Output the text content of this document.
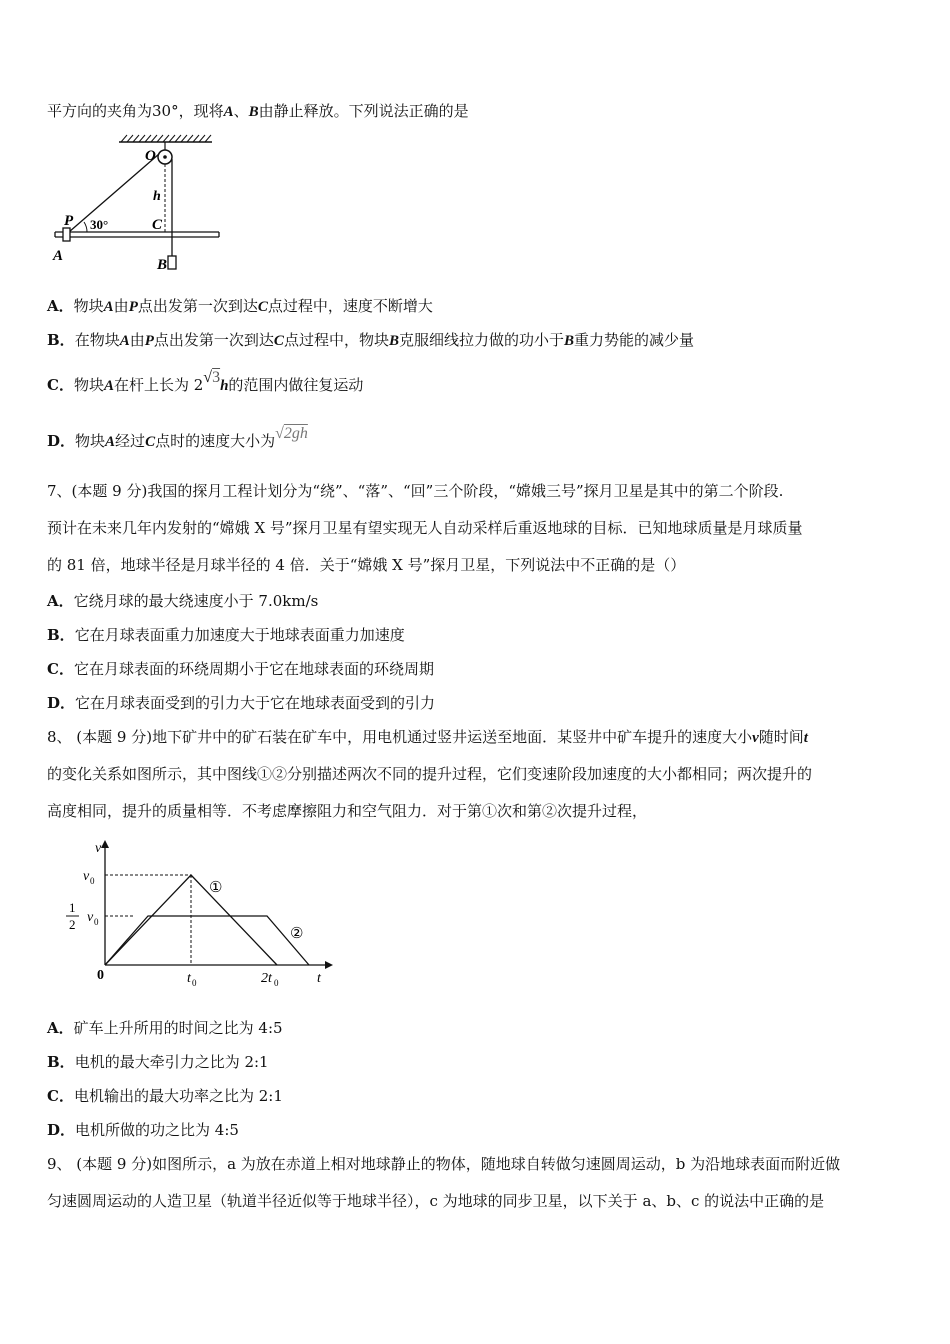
平方向的夹角为30°，现将A、B由静止释放。下列说法正确的是
O
h
P 30°	C
A
B
A．物块A由P点出发第一次到达C点过程中，速度不断增大
B．在物块A由P点出发第一次到达C点过程中，物块B克服细线拉力做的功小于B重力势能的减少量
C．物块A在杆上长为 2√3h的范围内做往复运动
D．物块A经过C点时的速度大小为√2gh
7、(本题 9 分)我国的探月工程计划分为“绕”、“落”、“回”三个阶段，“嫦娥三号”探月卫星是其中的第二个阶段.
预计在未来几年内发射的“嫦娥 X 号”探月卫星有望实现无人自动采样后重返地球的目标．已知地球质量是月球质量
的 81 倍，地球半径是月球半径的 4 倍．关于“嫦娥 X 号”探月卫星，下列说法中不正确的是（）
A．它绕月球的最大绕速度小于 7.0km/s
B．它在月球表面重力加速度大于地球表面重力加速度
C．它在月球表面的环绕周期小于它在地球表面的环绕周期
D．它在月球表面受到的引力大于它在地球表面受到的引力
8、 (本题 9 分)地下矿井中的矿石装在矿车中，用电机通过竖井运送至地面．某竖井中矿车提升的速度大小v随时间t
的变化关系如图所示，其中图线①②分别描述两次不同的提升过程，它们变速阶段加速度的大小都相同；两次提升的
高度相同，提升的质量相等．不考虑摩擦阻力和空气阻力．对于第①次和第②次提升过程，
v
v 0
1
2 v 0
0	t 0	2t 0	t
①
②
A．矿车上升所用的时间之比为 4:5
B．电机的最大牵引力之比为 2:1
C．电机输出的最大功率之比为 2:1
D．电机所做的功之比为 4:5
9、 (本题 9 分)如图所示，a 为放在赤道上相对地球静止的物体，随地球自转做匀速圆周运动，b 为沿地球表面而附近做
匀速圆周运动的人造卫星（轨道半径近似等于地球半径），c 为地球的同步卫星，以下关于 a、b、c 的说法中正确的是
